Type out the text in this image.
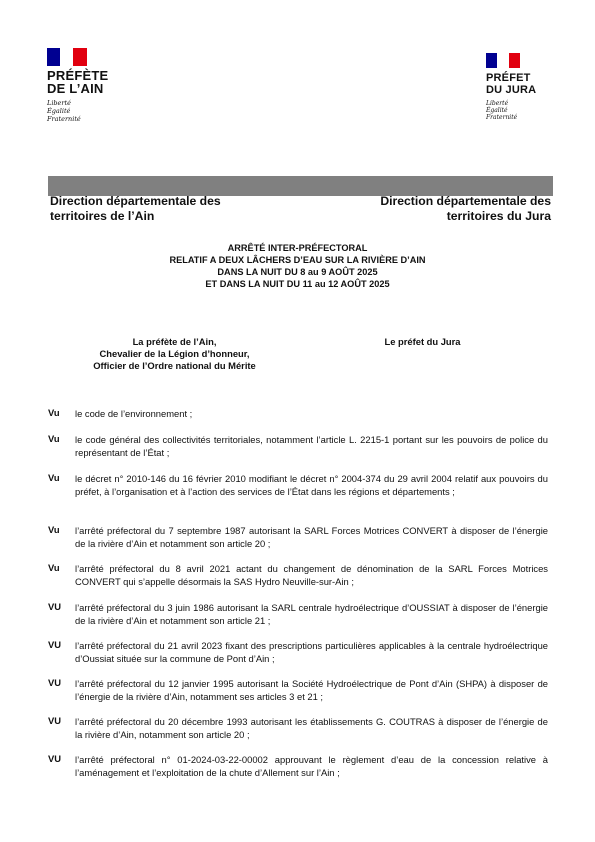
PRÉFÈTE
DE L’AIN
Liberté
Égalité
Fraternité
PRÉFET
DU JURA
Liberté
Égalité
Fraternité
Direction départementale des
territoires de l’Ain
Direction départementale des
territoires du Jura
ARRÊTÉ INTER-PRÉFECTORAL
RELATIF A DEUX LÂCHERS D’EAU SUR LA RIVIÈRE D’AIN
DANS LA NUIT DU 8 au 9 AOÛT 2025
ET DANS LA NUIT DU 11 au 12 AOÛT 2025
La préfète de l’Ain,
Chevalier de la Légion d’honneur,
Officier de l’Ordre national du Mérite
Le préfet du Jura
Vu le code de l’environnement ;
Vu le code général des collectivités territoriales, notamment l’article L. 2215-1 portant sur les pouvoirs de police du représentant de l’État ;
Vu le décret n° 2010-146 du 16 février 2010 modifiant le décret n° 2004-374 du 29 avril 2004 relatif aux pouvoirs du préfet, à l’organisation et à l’action des services de l’État dans les régions et départements ;
Vu l’arrêté préfectoral du 7 septembre 1987 autorisant la SARL Forces Motrices CONVERT à disposer de l’énergie de la rivière d’Ain et notamment son article 20 ;
Vu l’arrêté préfectoral du 8 avril 2021 actant du changement de dénomination de la SARL Forces Motrices CONVERT qui s’appelle désormais la SAS Hydro Neuville-sur-Ain ;
VU l’arrêté préfectoral du 3 juin 1986 autorisant la SARL centrale hydroélectrique d’OUSSIAT à disposer de l’énergie de la rivière d’Ain et notamment son article 21 ;
VU l’arrêté préfectoral du 21 avril 2023 fixant des prescriptions particulières applicables à la centrale hydroélectrique d’Oussiat située sur la commune de Pont d’Ain ;
VU l’arrêté préfectoral du 12 janvier 1995 autorisant la Société Hydroélectrique de Pont d’Ain (SHPA) à disposer de l’énergie de la rivière d’Ain, notamment ses articles 3 et 21 ;
VU l’arrêté préfectoral du 20 décembre 1993 autorisant les établissements G. COUTRAS à disposer de l’énergie de la rivière d’Ain, notamment son article 20 ;
VU l’arrêté préfectoral n° 01-2024-03-22-00002 approuvant le règlement d’eau de la concession relative à l’aménagement et l’exploitation de la chute d’Allement sur l’Ain ;
